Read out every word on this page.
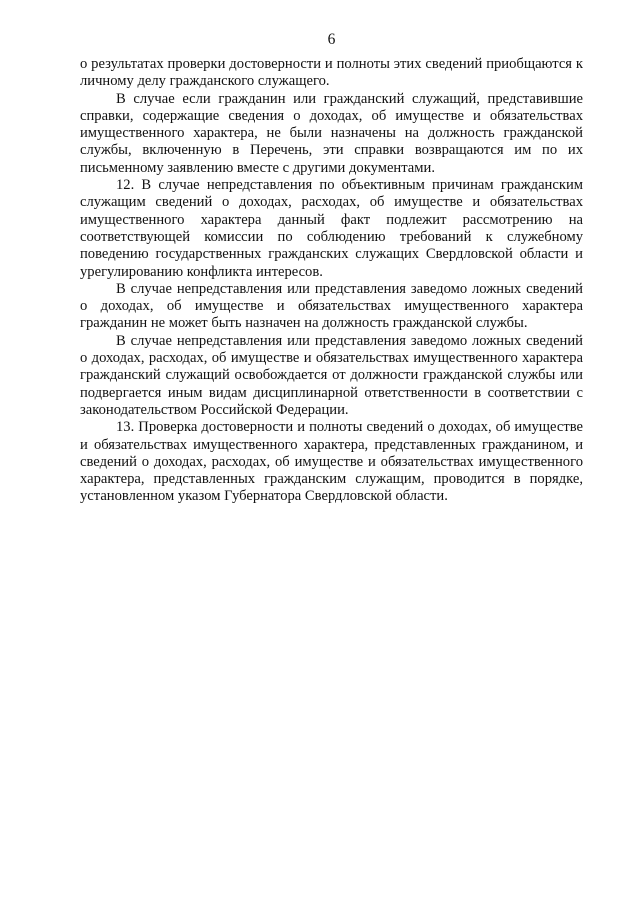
6

о результатах проверки достоверности и полноты этих сведений приобщаются к личному делу гражданского служащего.

В случае если гражданин или гражданский служащий, представившие справки, содержащие сведения о доходах, об имуществе и обязательствах имущественного характера, не были назначены на должность гражданской службы, включенную в Перечень, эти справки возвращаются им по их письменному заявлению вместе с другими документами.

12. В случае непредставления по объективным причинам гражданским служащим сведений о доходах, расходах, об имуществе и обязательствах имущественного характера данный факт подлежит рассмотрению на соответствующей комиссии по соблюдению требований к служебному поведению государственных гражданских служащих Свердловской области и урегулированию конфликта интересов.

В случае непредставления или представления заведомо ложных сведений о доходах, об имуществе и обязательствах имущественного характера гражданин не может быть назначен на должность гражданской службы.

В случае непредставления или представления заведомо ложных сведений о доходах, расходах, об имуществе и обязательствах имущественного характера гражданский служащий освобождается от должности гражданской службы или подвергается иным видам дисциплинарной ответственности в соответствии с законодательством Российской Федерации.

13. Проверка достоверности и полноты сведений о доходах, об имуществе и обязательствах имущественного характера, представленных гражданином, и сведений о доходах, расходах, об имуществе и обязательствах имущественного характера, представленных гражданским служащим, проводится в порядке, установленном указом Губернатора Свердловской области.
